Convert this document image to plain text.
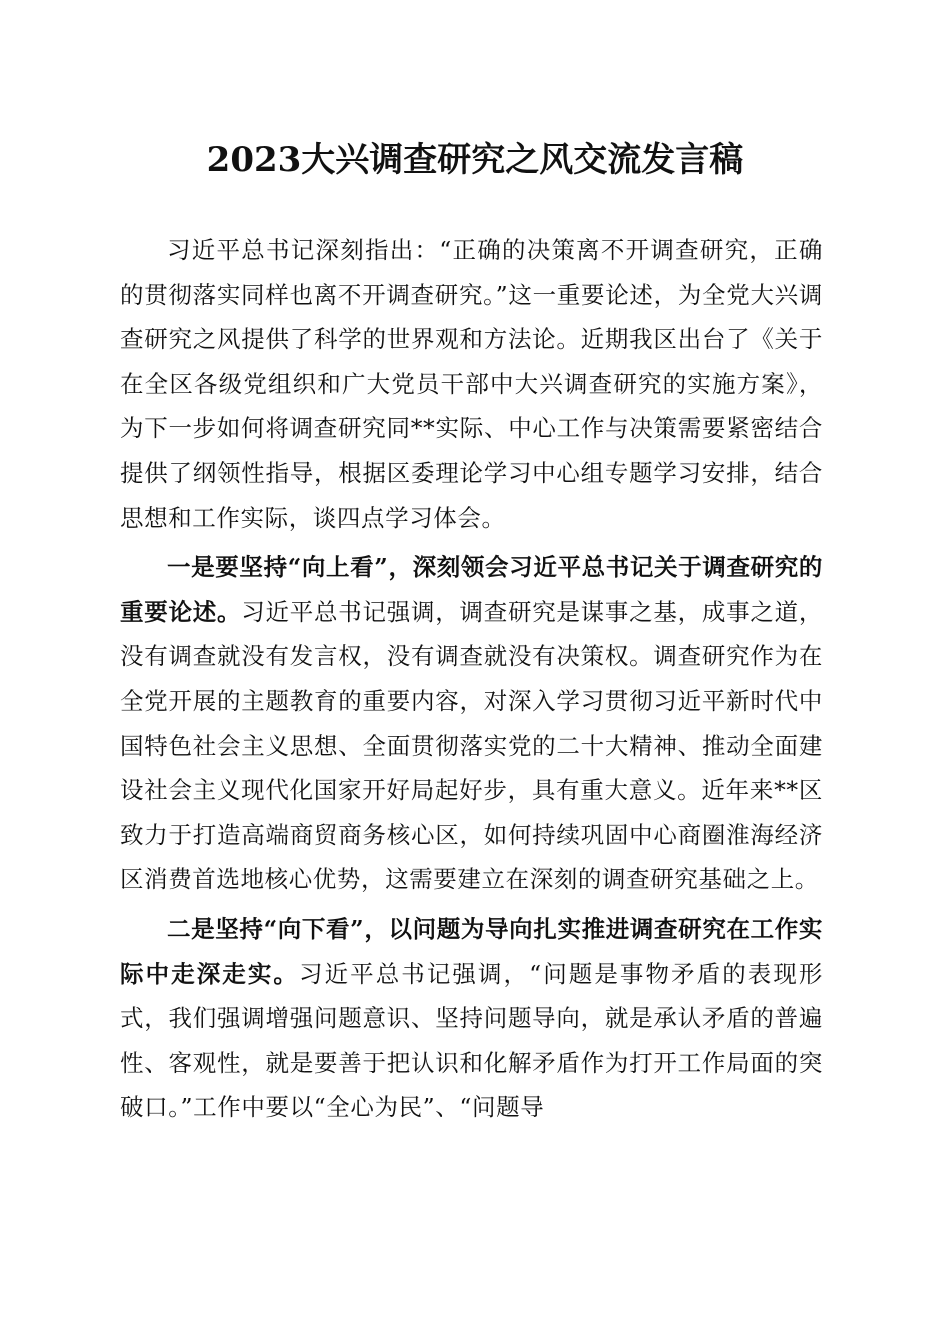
2023大兴调查研究之风交流发言稿

习近平总书记深刻指出：“正确的决策离不开调查研究，正确的贯彻落实同样也离不开调查研究。”这一重要论述，为全党大兴调查研究之风提供了科学的世界观和方法论。近期我区出台了《关于在全区各级党组织和广大党员干部中大兴调查研究的实施方案》，为下一步如何将调查研究同**实际、中心工作与决策需要紧密结合提供了纲领性指导，根据区委理论学习中心组专题学习安排，结合思想和工作实际，谈四点学习体会。

一是要坚持“向上看”，深刻领会习近平总书记关于调查研究的重要论述。习近平总书记强调，调查研究是谋事之基，成事之道，没有调查就没有发言权，没有调查就没有决策权。调查研究作为在全党开展的主题教育的重要内容，对深入学习贯彻习近平新时代中国特色社会主义思想、全面贯彻落实党的二十大精神、推动全面建设社会主义现代化国家开好局起好步，具有重大意义。近年来**区致力于打造高端商贸商务核心区，如何持续巩固中心商圈淮海经济区消费首选地核心优势，这需要建立在深刻的调查研究基础之上。

二是坚持“向下看”，以问题为导向扎实推进调查研究在工作实际中走深走实。习近平总书记强调，“问题是事物矛盾的表现形式，我们强调增强问题意识、坚持问题导向，就是承认矛盾的普遍性、客观性，就是要善于把认识和化解矛盾作为打开工作局面的突破口。”工作中要以“全心为民”、“问题导
